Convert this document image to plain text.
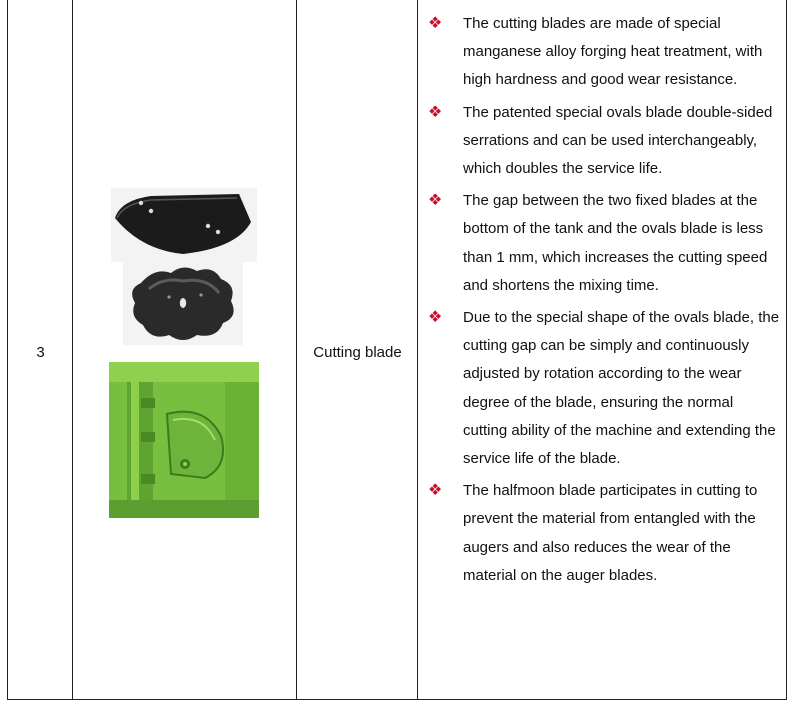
3	Cutting blade
❖ The cutting blades are made of special manganese alloy forging heat treatment, with high hardness and good wear resistance.
❖ The patented special ovals blade double-sided serrations and can be used interchangeably, which doubles the service life.
❖ The gap between the two fixed blades at the bottom of the tank and the ovals blade is less than 1 mm, which increases the cutting speed and shortens the mixing time.
❖ Due to the special shape of the ovals blade, the cutting gap can be simply and continuously adjusted by rotation according to the wear degree of the blade, ensuring the normal cutting ability of the machine and extending the service life of the blade.
❖ The halfmoon blade participates in cutting to prevent the material from entangled with the augers and also reduces the wear of the material on the auger blades.
